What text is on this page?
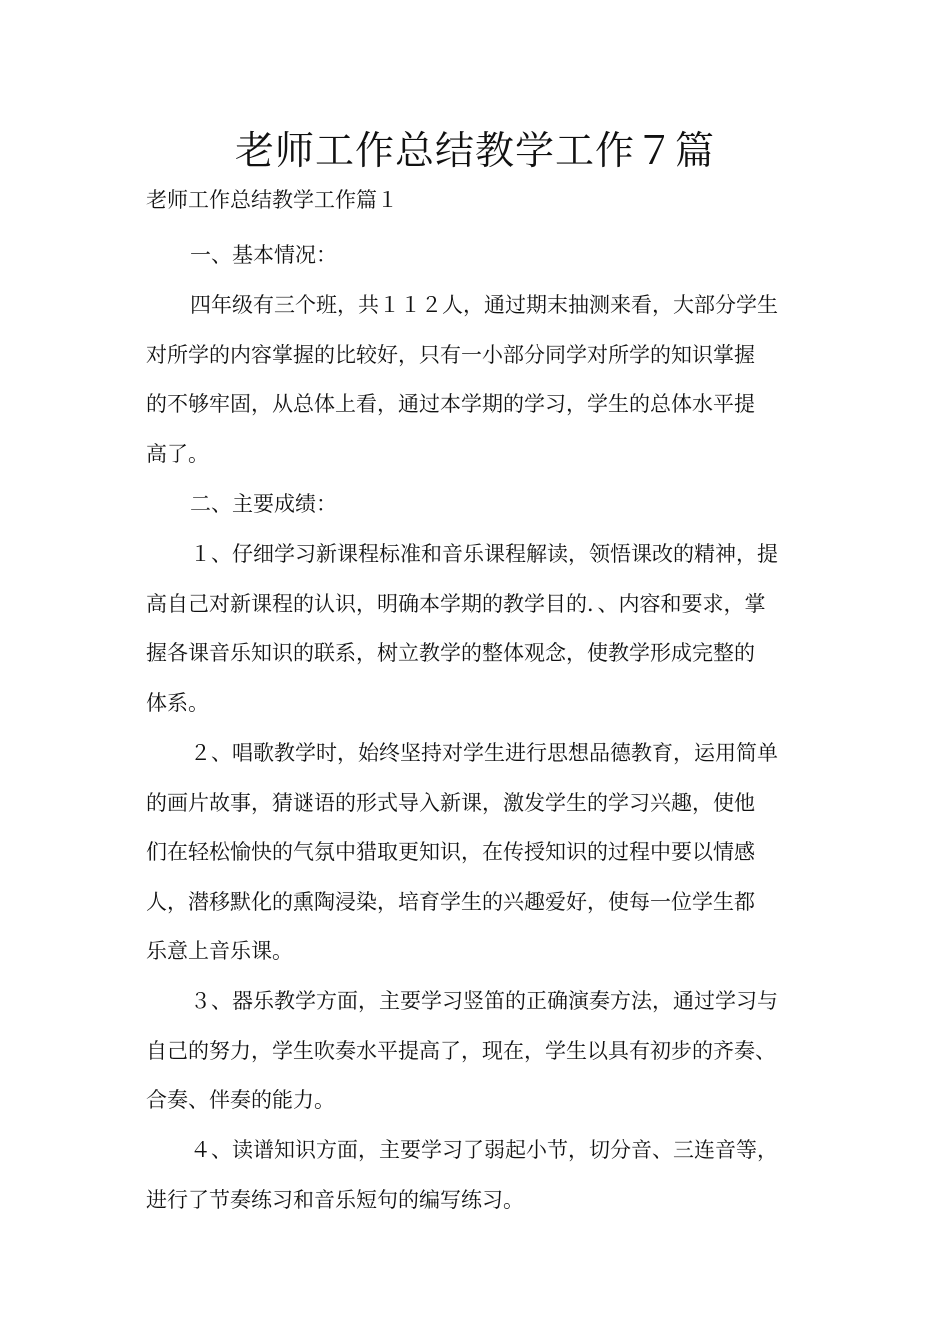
老师工作总结教学工作７篇
老师工作总结教学工作篇１
一、基本情况：
四年级有三个班，共１１２人，通过期末抽测来看，大部分学生
对所学的内容掌握的比较好，只有一小部分同学对所学的知识掌握
的不够牢固，从总体上看，通过本学期的学习，学生的总体水平提
高了。
二、主要成绩：
１、仔细学习新课程标准和音乐课程解读，领悟课改的精神，提
高自己对新课程的认识，明确本学期的教学目的．、内容和要求，掌
握各课音乐知识的联系，树立教学的整体观念，使教学形成完整的
体系。
２、唱歌教学时，始终坚持对学生进行思想品德教育，运用简单
的画片故事，猜谜语的形式导入新课，激发学生的学习兴趣，使他
们在轻松愉快的气氛中猎取更知识，在传授知识的过程中要以情感
人，潜移默化的熏陶浸染，培育学生的兴趣爱好，使每一位学生都
乐意上音乐课。
３、器乐教学方面，主要学习竖笛的正确演奏方法，通过学习与
自己的努力，学生吹奏水平提高了，现在，学生以具有初步的齐奏、
合奏、伴奏的能力。
４、读谱知识方面，主要学习了弱起小节，切分音、三连音等，
进行了节奏练习和音乐短句的编写练习。
